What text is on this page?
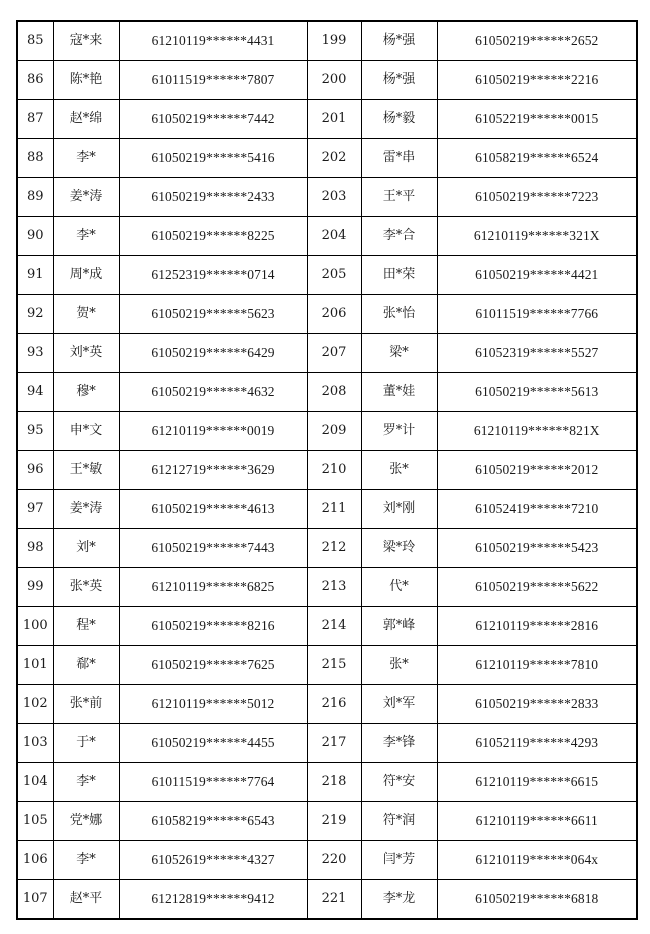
85	寇*来	61210119******4431	199	杨*强	61050219******2652
86	陈*艳	61011519******7807	200	杨*强	61050219******2216
87	赵*绵	61050219******7442	201	杨*毅	61052219******0015
88	李*	61050219******5416	202	雷*串	61058219******6524
89	姜*涛	61050219******2433	203	王*平	61050219******7223
90	李*	61050219******8225	204	李*合	61210119******321X
91	周*成	61252319******0714	205	田*荣	61050219******4421
92	贺*	61050219******5623	206	张*怡	61011519******7766
93	刘*英	61050219******6429	207	梁*	61052319******5527
94	穆*	61050219******4632	208	董*娃	61050219******5613
95	申*文	61210119******0019	209	罗*计	61210119******821X
96	王*敏	61212719******3629	210	张*	61050219******2012
97	姜*涛	61050219******4613	211	刘*刚	61052419******7210
98	刘*	61050219******7443	212	梁*玲	61050219******5423
99	张*英	61210119******6825	213	代*	61050219******5622
100	程*	61050219******8216	214	郭*峰	61210119******2816
101	郗*	61050219******7625	215	张*	61210119******7810
102	张*前	61210119******5012	216	刘*军	61050219******2833
103	于*	61050219******4455	217	李*锋	61052119******4293
104	李*	61011519******7764	218	符*安	61210119******6615
105	党*娜	61058219******6543	219	符*润	61210119******6611
106	李*	61052619******4327	220	闫*芳	61210119******064x
107	赵*平	61212819******9412	221	李*龙	61050219******6818
